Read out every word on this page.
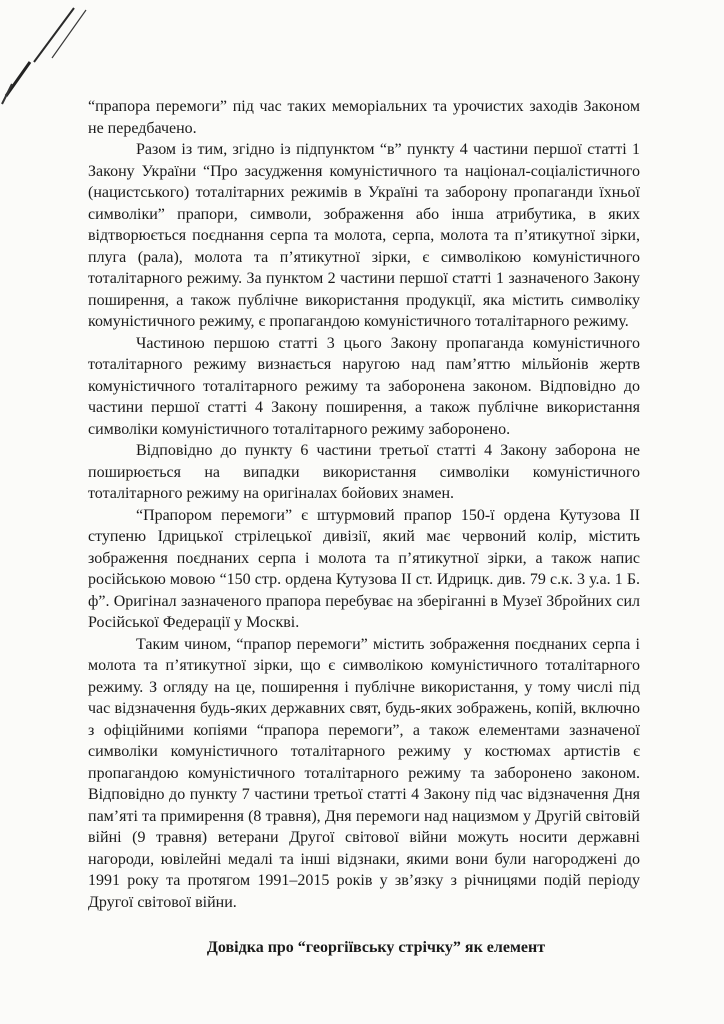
“прапора перемоги” під час таких меморіальних та урочистих заходів Законом не передбачено.

Разом із тим, згідно із підпунктом “в” пункту 4 частини першої статті 1 Закону України “Про засудження комуністичного та націонал-соціалістичного (нацистського) тоталітарних режимів в Україні та заборону пропаганди їхньої символіки” прапори, символи, зображення або інша атрибутика, в яких відтворюється поєднання серпа та молота, серпа, молота та п’ятикутної зірки, плуга (рала), молота та п’ятикутної зірки, є символікою комуністичного тоталітарного режиму. За пунктом 2 частини першої статті 1 зазначеного Закону поширення, а також публічне використання продукції, яка містить символіку комуністичного режиму, є пропагандою комуністичного тоталітарного режиму.

Частиною першою статті 3 цього Закону пропаганда комуністичного тоталітарного режиму визнається наругою над пам’яттю мільйонів жертв комуністичного тоталітарного режиму та заборонена законом. Відповідно до частини першої статті 4 Закону поширення, а також публічне використання символіки комуністичного тоталітарного режиму заборонено.

Відповідно до пункту 6 частини третьої статті 4 Закону заборона не поширюється на випадки використання символіки комуністичного тоталітарного режиму на оригіналах бойових знамен.

“Прапором перемоги” є штурмовий прапор 150-ї ордена Кутузова ІІ ступеню Ідрицької стрілецької дивізії, який має червоний колір, містить зображення поєднаних серпа і молота та п’ятикутної зірки, а також напис російською мовою “150 стр. ордена Кутузова ІІ ст. Идрицк. див. 79 с.к. 3 у.а. 1 Б. ф”. Оригінал зазначеного прапора перебуває на зберіганні в Музеї Збройних сил Російської Федерації у Москві.

Таким чином, “прапор перемоги” містить зображення поєднаних серпа і молота та п’ятикутної зірки, що є символікою комуністичного тоталітарного режиму. З огляду на це, поширення і публічне використання, у тому числі під час відзначення будь-яких державних свят, будь-яких зображень, копій, включно з офіційними копіями “прапора перемоги”, а також елементами зазначеної символіки комуністичного тоталітарного режиму у костюмах артистів є пропагандою комуністичного тоталітарного режиму та заборонено законом. Відповідно до пункту 7 частини третьої статті 4 Закону під час відзначення Дня пам’яті та примирення (8 травня), Дня перемоги над нацизмом у Другій світовій війні (9 травня) ветерани Другої світової війни можуть носити державні нагороди, ювілейні медалі та інші відзнаки, якими вони були нагороджені до 1991 року та протягом 1991–2015 років у зв’язку з річницями подій періоду Другої світової війни.

Довідка про “георгіївську стрічку” як елемент
